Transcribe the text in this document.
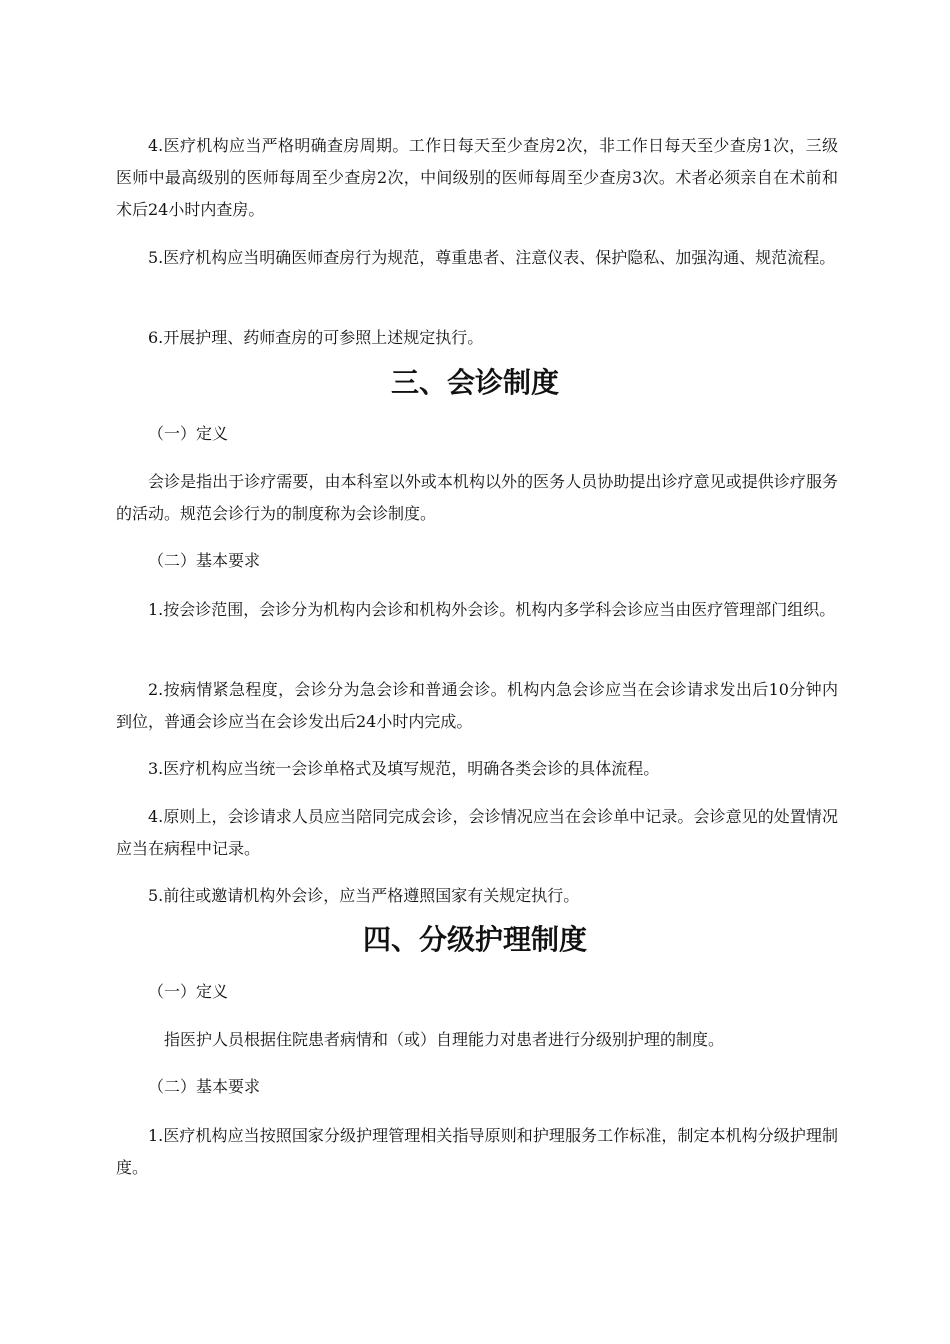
4.医疗机构应当严格明确查房周期。工作日每天至少查房2次，非工作日每天至少查房1次，三级医师中最高级别的医师每周至少查房2次，中间级别的医师每周至少查房3次。术者必须亲自在术前和术后24小时内查房。

5.医疗机构应当明确医师查房行为规范，尊重患者、注意仪表、保护隐私、加强沟通、规范流程。

6.开展护理、药师查房的可参照上述规定执行。

三、会诊制度

（一）定义

会诊是指出于诊疗需要，由本科室以外或本机构以外的医务人员协助提出诊疗意见或提供诊疗服务的活动。规范会诊行为的制度称为会诊制度。

（二）基本要求

1.按会诊范围，会诊分为机构内会诊和机构外会诊。机构内多学科会诊应当由医疗管理部门组织。

2.按病情紧急程度，会诊分为急会诊和普通会诊。机构内急会诊应当在会诊请求发出后10分钟内到位，普通会诊应当在会诊发出后24小时内完成。

3.医疗机构应当统一会诊单格式及填写规范，明确各类会诊的具体流程。

4.原则上，会诊请求人员应当陪同完成会诊，会诊情况应当在会诊单中记录。会诊意见的处置情况应当在病程中记录。

5.前往或邀请机构外会诊，应当严格遵照国家有关规定执行。

四、分级护理制度

（一）定义

指医护人员根据住院患者病情和（或）自理能力对患者进行分级别护理的制度。

（二）基本要求

1.医疗机构应当按照国家分级护理管理相关指导原则和护理服务工作标准，制定本机构分级护理制度。
